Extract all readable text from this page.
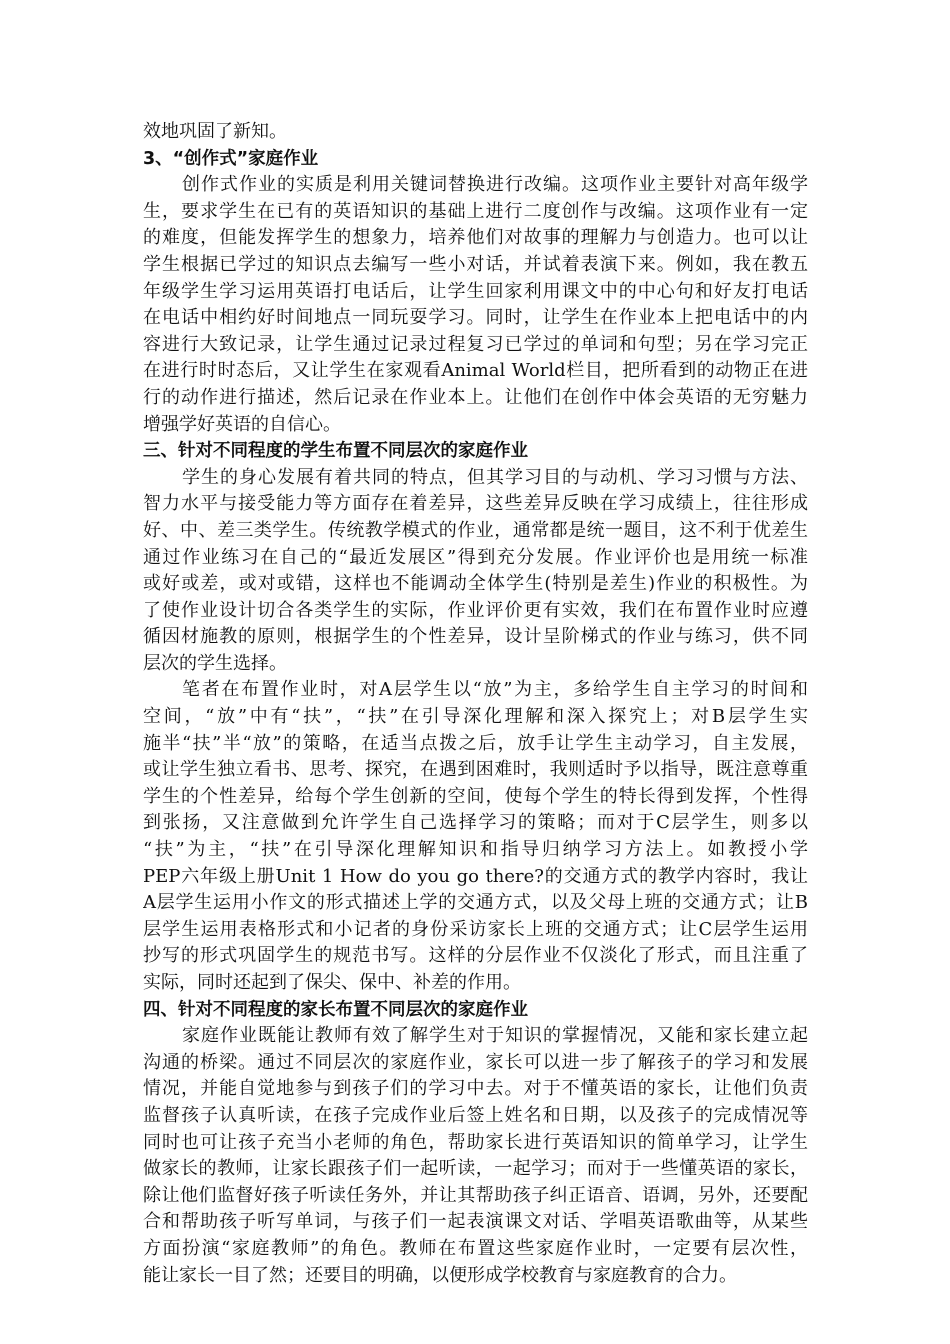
效地巩固了新知。
3、“创作式”家庭作业
创作式作业的实质是利用关键词替换进行改编。这项作业主要针对高年级学
生，要求学生在已有的英语知识的基础上进行二度创作与改编。这项作业有一定
的难度，但能发挥学生的想象力，培养他们对故事的理解力与创造力。也可以让
学生根据已学过的知识点去编写一些小对话，并试着表演下来。例如，我在教五
年级学生学习运用英语打电话后，让学生回家利用课文中的中心句和好友打电话
在电话中相约好时间地点一同玩耍学习。同时，让学生在作业本上把电话中的内
容进行大致记录，让学生通过记录过程复习已学过的单词和句型；另在学习完正
在进行时时态后，又让学生在家观看Animal World栏目，把所看到的动物正在进
行的动作进行描述，然后记录在作业本上。让他们在创作中体会英语的无穷魅力
增强学好英语的自信心。
三、针对不同程度的学生布置不同层次的家庭作业
学生的身心发展有着共同的特点，但其学习目的与动机、学习习惯与方法、
智力水平与接受能力等方面存在着差异，这些差异反映在学习成绩上，往往形成
好、中、差三类学生。传统教学模式的作业，通常都是统一题目，这不利于优差生
通过作业练习在自己的“最近发展区”得到充分发展。作业评价也是用统一标准
或好或差，或对或错，这样也不能调动全体学生(特别是差生)作业的积极性。为
了使作业设计切合各类学生的实际，作业评价更有实效，我们在布置作业时应遵
循因材施教的原则，根据学生的个性差异，设计呈阶梯式的作业与练习，供不同
层次的学生选择。
笔者在布置作业时，对A层学生以“放”为主，多给学生自主学习的时间和
空间，“放”中有“扶”，“扶”在引导深化理解和深入探究上；对B层学生实
施半“扶”半“放”的策略，在适当点拨之后，放手让学生主动学习，自主发展，
或让学生独立看书、思考、探究，在遇到困难时，我则适时予以指导，既注意尊重
学生的个性差异，给每个学生创新的空间，使每个学生的特长得到发挥，个性得
到张扬，又注意做到允许学生自己选择学习的策略；而对于C层学生，则多以
“扶”为主，“扶”在引导深化理解知识和指导归纳学习方法上。如教授小学
PEP六年级上册Unit 1 How do you go there?的交通方式的教学内容时，我让
A层学生运用小作文的形式描述上学的交通方式，以及父母上班的交通方式；让B
层学生运用表格形式和小记者的身份采访家长上班的交通方式；让C层学生运用
抄写的形式巩固学生的规范书写。这样的分层作业不仅淡化了形式，而且注重了
实际，同时还起到了保尖、保中、补差的作用。
四、针对不同程度的家长布置不同层次的家庭作业
家庭作业既能让教师有效了解学生对于知识的掌握情况，又能和家长建立起
沟通的桥梁。通过不同层次的家庭作业，家长可以进一步了解孩子的学习和发展
情况，并能自觉地参与到孩子们的学习中去。对于不懂英语的家长，让他们负责
监督孩子认真听读，在孩子完成作业后签上姓名和日期，以及孩子的完成情况等
同时也可让孩子充当小老师的角色，帮助家长进行英语知识的简单学习，让学生
做家长的教师，让家长跟孩子们一起听读，一起学习；而对于一些懂英语的家长，
除让他们监督好孩子听读任务外，并让其帮助孩子纠正语音、语调，另外，还要配
合和帮助孩子听写单词，与孩子们一起表演课文对话、学唱英语歌曲等，从某些
方面扮演“家庭教师”的角色。教师在布置这些家庭作业时，一定要有层次性，
能让家长一目了然；还要目的明确，以便形成学校教育与家庭教育的合力。
